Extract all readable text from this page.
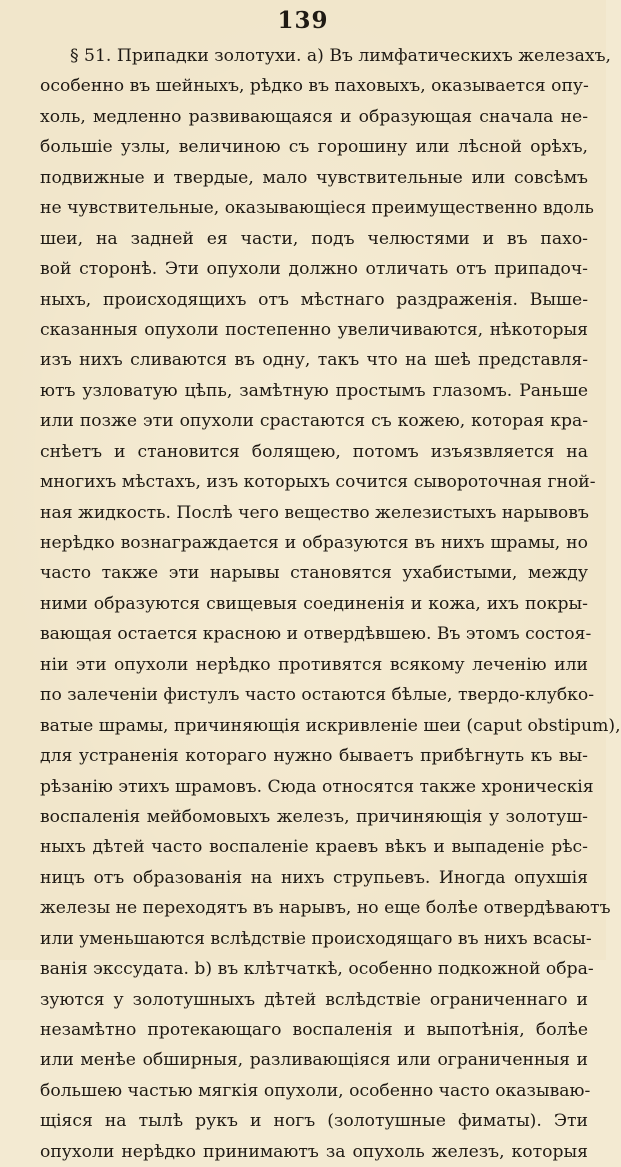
139
§ 51. Припадки золотухи. а) Въ лимфатическихъ железахъ,
особенно въ шейныхъ, рѣдко въ паховыхъ, оказывается опу-
холь, медленно развивающаяся и образующая сначала не-
большіе узлы, величиною съ горошину или лѣсной орѣхъ,
подвижные и твердые, мало чувствительные или совсѣмъ
не чувствительные, оказывающіеся преимущественно вдоль
шеи, на задней ея части, подъ челюстями и въ пахо-
вой сторонѣ. Эти опухоли должно отличать отъ припадоч-
ныхъ, происходящихъ отъ мѣстнаго раздраженія. Выше-
сказанныя опухоли постепенно увеличиваются, нѣкоторыя
изъ нихъ сливаются въ одну, такъ что на шеѣ представля-
ютъ узловатую цѣпь, замѣтную простымъ глазомъ. Раньше
или позже эти опухоли срастаются съ кожею, которая кра-
снѣетъ и становится болящею, потомъ изъязвляется на
многихъ мѣстахъ, изъ которыхъ сочится сывороточная гной-
ная жидкость. Послѣ чего вещество железистыхъ нарывовъ
нерѣдко вознаграждается и образуются въ нихъ шрамы, но
часто также эти нарывы становятся ухабистыми, между
ними образуются свищевыя соединенія и кожа, ихъ покры-
вающая остается красною и отвердѣвшею. Въ этомъ состоя-
ніи эти опухоли нерѣдко противятся всякому леченію или
по залеченіи фистулъ часто остаются бѣлые, твердо-клубко-
ватые шрамы, причиняющія искривленіе шеи (caput obstipum),
для устраненія котораго нужно бываетъ прибѣгнуть къ вы-
рѣзанію этихъ шрамовъ. Сюда относятся также хроническія
воспаленія мейбомовыхъ железъ, причиняющія у золотуш-
ныхъ дѣтей часто воспаленіе краевъ вѣкъ и выпаденіе рѣс-
ницъ отъ образованія на нихъ струпьевъ. Иногда опухшія
железы не переходятъ въ нарывъ, но еще болѣе отвердѣваютъ
или уменьшаются вслѣдствіе происходящаго въ нихъ всасы-
ванія экссудата. b) въ клѣтчаткѣ, особенно подкожной обра-
зуются у золотушныхъ дѣтей вслѣдствіе ограниченнаго и
незамѣтно протекающаго воспаленія и выпотѣнія, болѣе
или менѣе обширныя, разливающіяся или ограниченныя и
большею частью мягкія опухоли, особенно часто оказываю-
щіяся на тылѣ рукъ и ногъ (золотушные фиматы). Эти
опухоли нерѣдко принимаютъ за опухоль железъ, которыя
